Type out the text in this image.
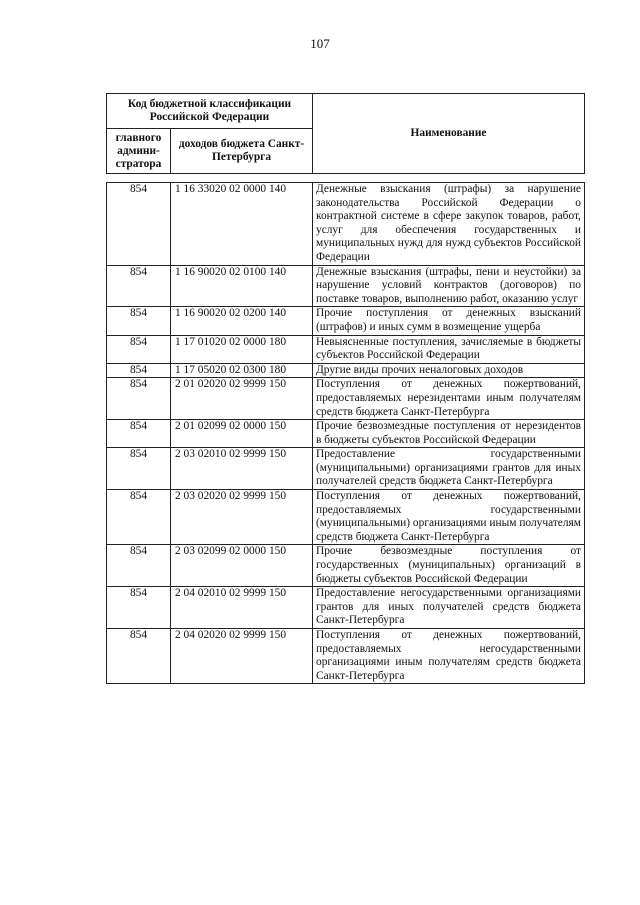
107
Код бюджетной классификации Российской Федерации		Наименование
главного админи-стратора	доходов бюджета Санкт-Петербурга	
854	1 16 33020 02 0000 140	Денежные взыскания (штрафы) за нарушение законодательства Российской Федерации о контрактной системе в сфере закупок товаров, работ, услуг для обеспечения государственных и муниципальных нужд для нужд субъектов Российской Федерации
854	1 16 90020 02 0100 140	Денежные взыскания (штрафы, пени и неустойки) за нарушение условий контрактов (договоров) по поставке товаров, выполнению работ, оказанию услуг
854	1 16 90020 02 0200 140	Прочие поступления от денежных взысканий (штрафов) и иных сумм в возмещение ущерба
854	1 17 01020 02 0000 180	Невыясненные поступления, зачисляемые в бюджеты субъектов Российской Федерации
854	1 17 05020 02 0300 180	Другие виды прочих неналоговых доходов
854	2 01 02020 02 9999 150	Поступления от денежных пожертвований, предоставляемых нерезидентами иным получателям средств бюджета Санкт-Петербурга
854	2 01 02099 02 0000 150	Прочие безвозмездные поступления от нерезидентов в бюджеты субъектов Российской Федерации
854	2 03 02010 02 9999 150	Предоставление государственными (муниципальными) организациями грантов для иных получателей средств бюджета Санкт-Петербурга
854	2 03 02020 02 9999 150	Поступления от денежных пожертвований, предоставляемых государственными (муниципальными) организациями иным получателям средств бюджета Санкт-Петербурга
854	2 03 02099 02 0000 150	Прочие безвозмездные поступления от государственных (муниципальных) организаций в бюджеты субъектов Российской Федерации
854	2 04 02010 02 9999 150	Предоставление негосударственными организациями грантов для иных получателей средств бюджета Санкт-Петербурга
854	2 04 02020 02 9999 150	Поступления от денежных пожертвований, предоставляемых негосударственными организациями иным получателям средств бюджета Санкт-Петербурга
